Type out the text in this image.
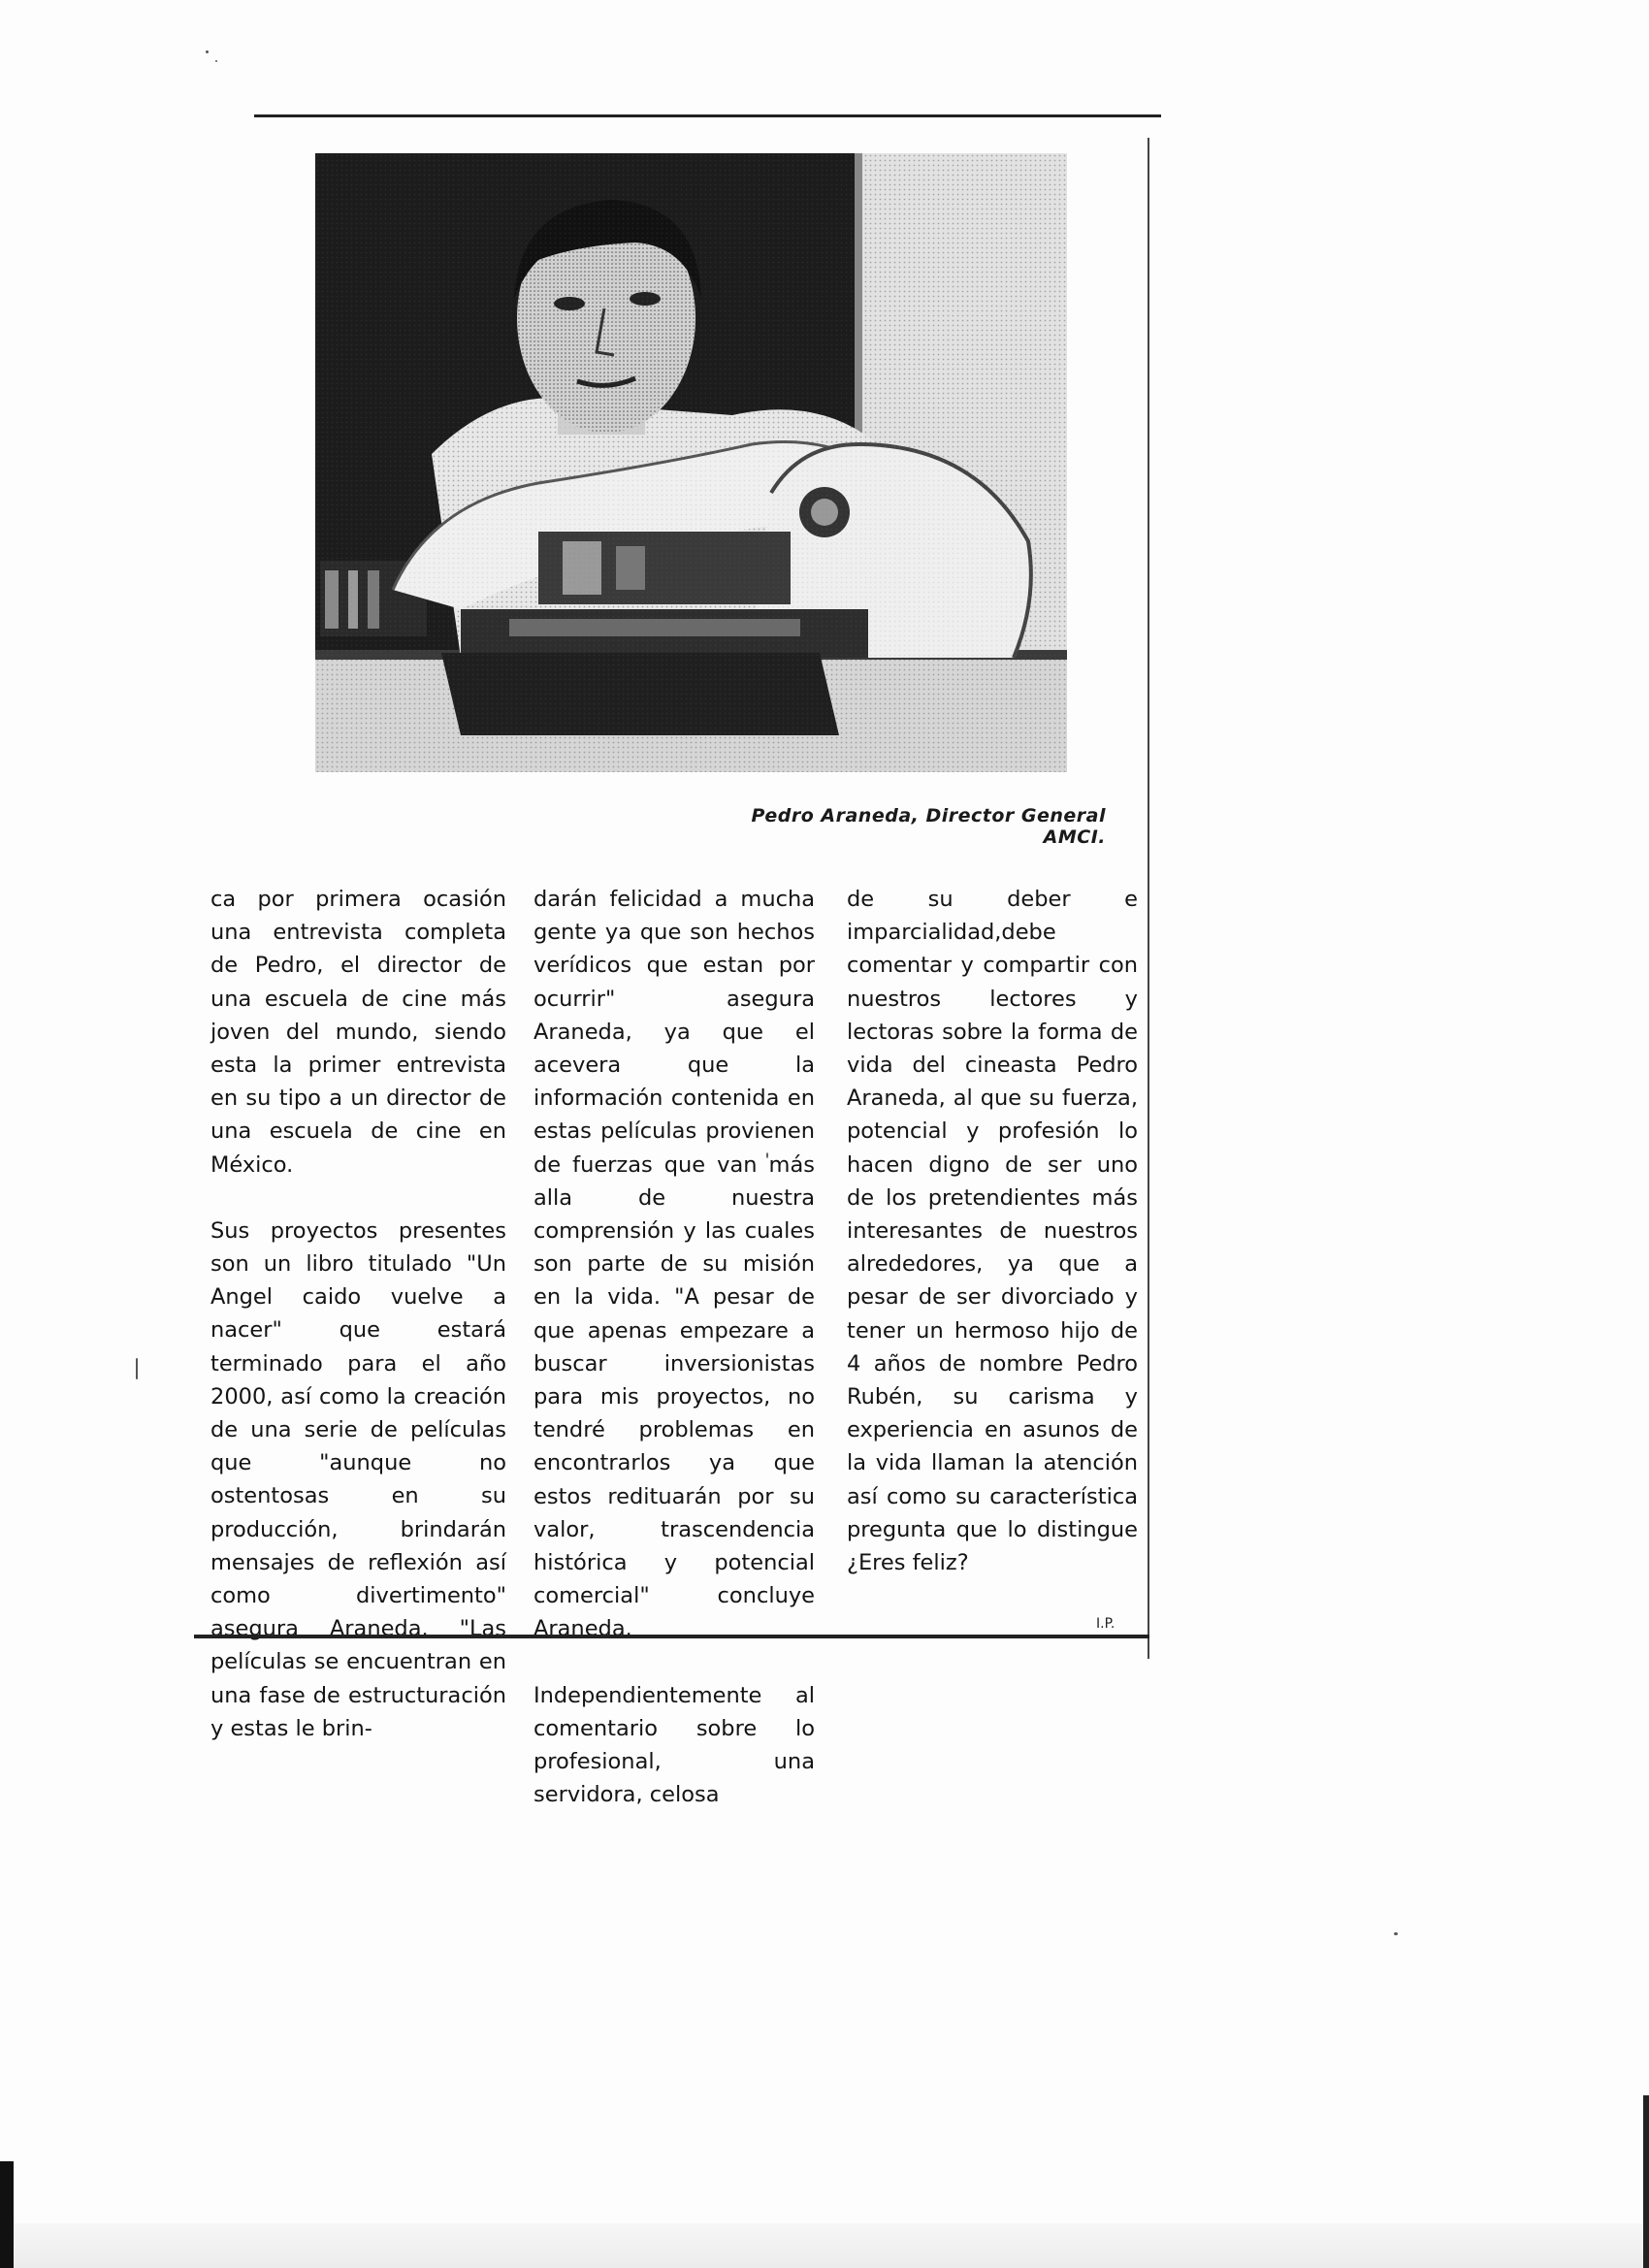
Pedro Araneda, Director General AMCI.

ca por primera ocasión una entrevista completa de Pedro, el director de una escuela de cine más joven del mundo, siendo esta la primer entrevista en su tipo a un director de una escuela de cine en México.

Sus proyectos presentes son un libro titulado "Un Angel caido vuelve a nacer" que estará terminado para el año 2000, así como la creación de una serie de películas que "aunque no ostentosas en su producción, brindarán mensajes de reflexión así como divertimento" asegura Araneda. "Las películas se encuentran en una fase de estructuración y estas le brin-

darán felicidad a mucha gente ya que son hechos verídicos que estan por ocurrir" asegura Araneda, ya que el acevera que la información contenida en estas películas provienen de fuerzas que van más alla de nuestra comprensión y las cuales son parte de su misión en la vida. "A pesar de que apenas empezare a buscar inversionistas para mis proyectos, no tendré problemas en encontrarlos ya que estos redituarán por su valor, trascendencia histórica y potencial comercial" concluye Araneda.

Independientemente al comentario sobre lo profesional, una servidora, celosa

de su deber e imparcialidad,debe comentar y compartir con nuestros lectores y lectoras sobre la forma de vida del cineasta Pedro Araneda, al que su fuerza, potencial y profesión lo hacen digno de ser uno de los pretendientes más interesantes de nuestros alrededores, ya que a pesar de ser divorciado y tener un hermoso hijo de 4 años de nombre Pedro Rubén, su carisma y experiencia en asunos de la vida llaman la atención así como su característica pregunta que lo distingue ¿Eres feliz?

I.P.
